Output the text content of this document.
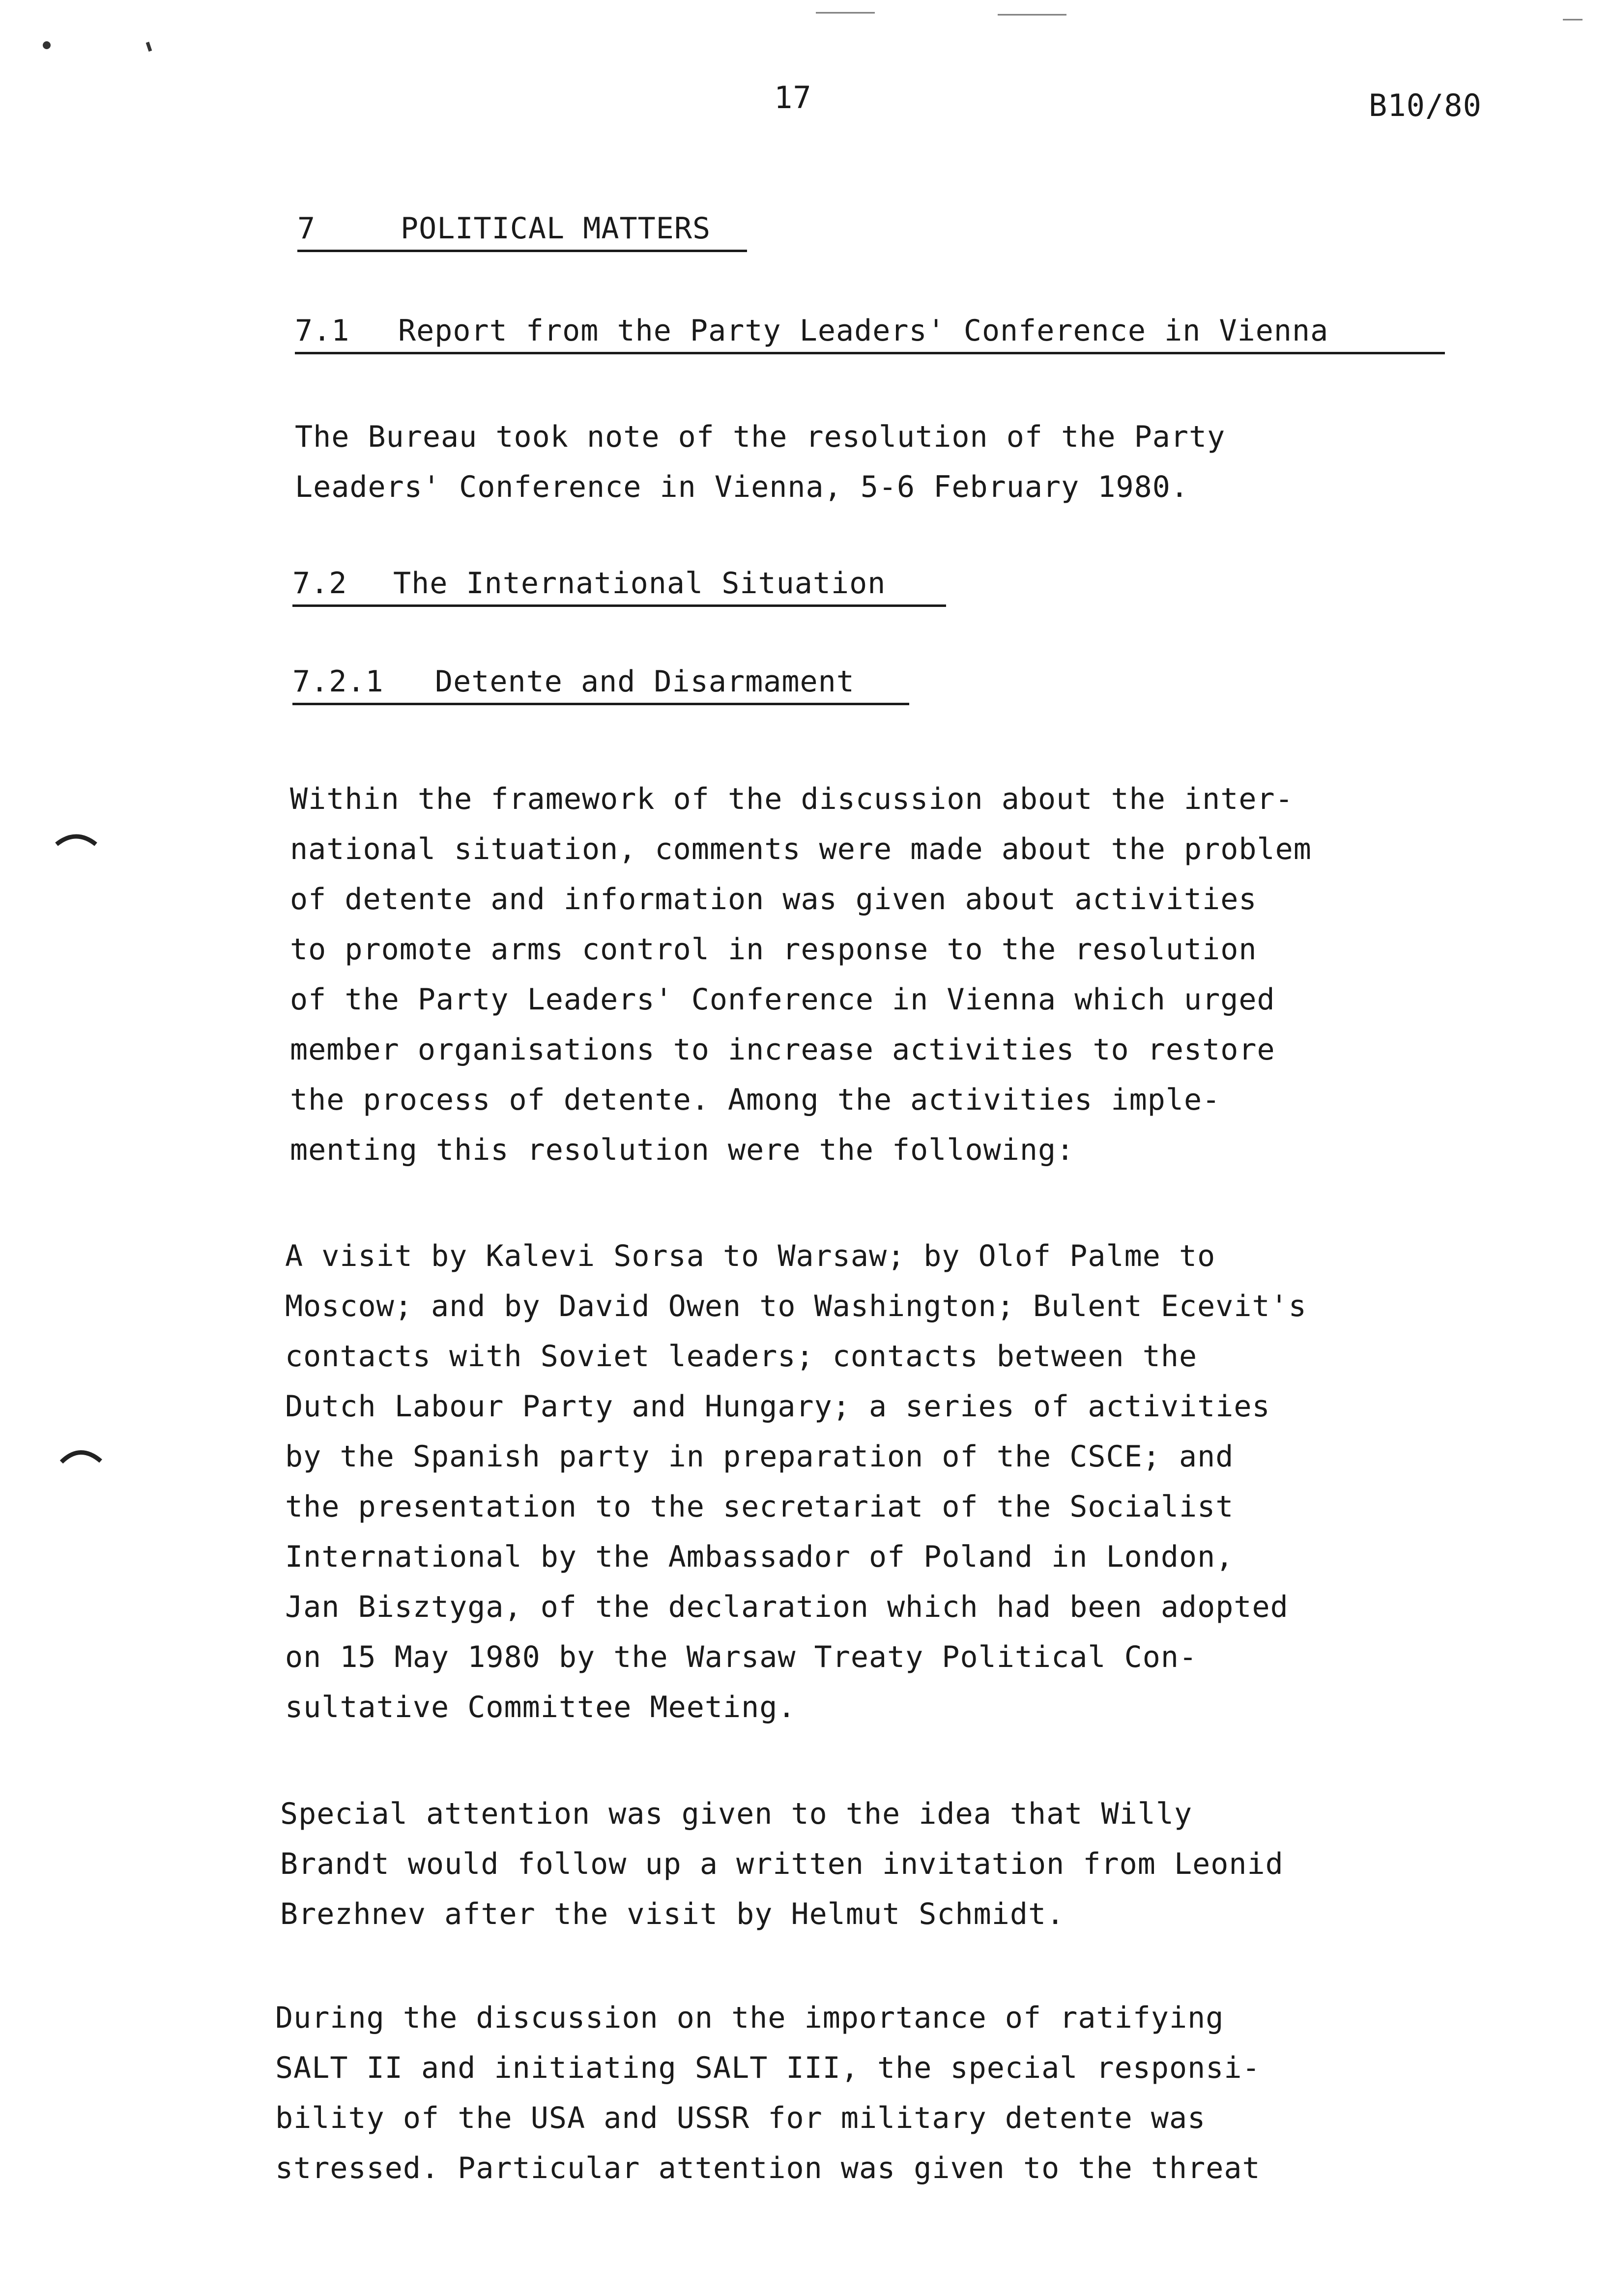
17	B10/80
7	POLITICAL MATTERS
7.1 Report from the Party Leaders' Conference in Vienna
The Bureau took note of the resolution of the Party
Leaders' Conference in Vienna, 5-6 February 1980.
7.2 The International Situation
7.2.1 Detente and Disarmament
Within the framework of the discussion about the inter-
national situation, comments were made about the problem
of detente and information was given about activities
to promote arms control in response to the resolution
of the Party Leaders' Conference in Vienna which urged
member organisations to increase activities to restore
the process of detente. Among the activities imple-
menting this resolution were the following:
A visit by Kalevi Sorsa to Warsaw; by Olof Palme to
Moscow; and by David Owen to Washington; Bulent Ecevit's
contacts with Soviet leaders; contacts between the
Dutch Labour Party and Hungary; a series of activities
by the Spanish party in preparation of the CSCE; and
the presentation to the secretariat of the Socialist
International by the Ambassador of Poland in London,
Jan Bisztyga, of the declaration which had been adopted
on 15 May 1980 by the Warsaw Treaty Political Con-
sultative Committee Meeting.
Special attention was given to the idea that Willy
Brandt would follow up a written invitation from Leonid
Brezhnev after the visit by Helmut Schmidt.
During the discussion on the importance of ratifying
SALT II and initiating SALT III, the special responsi-
bility of the USA and USSR for military detente was
stressed. Particular attention was given to the threat
